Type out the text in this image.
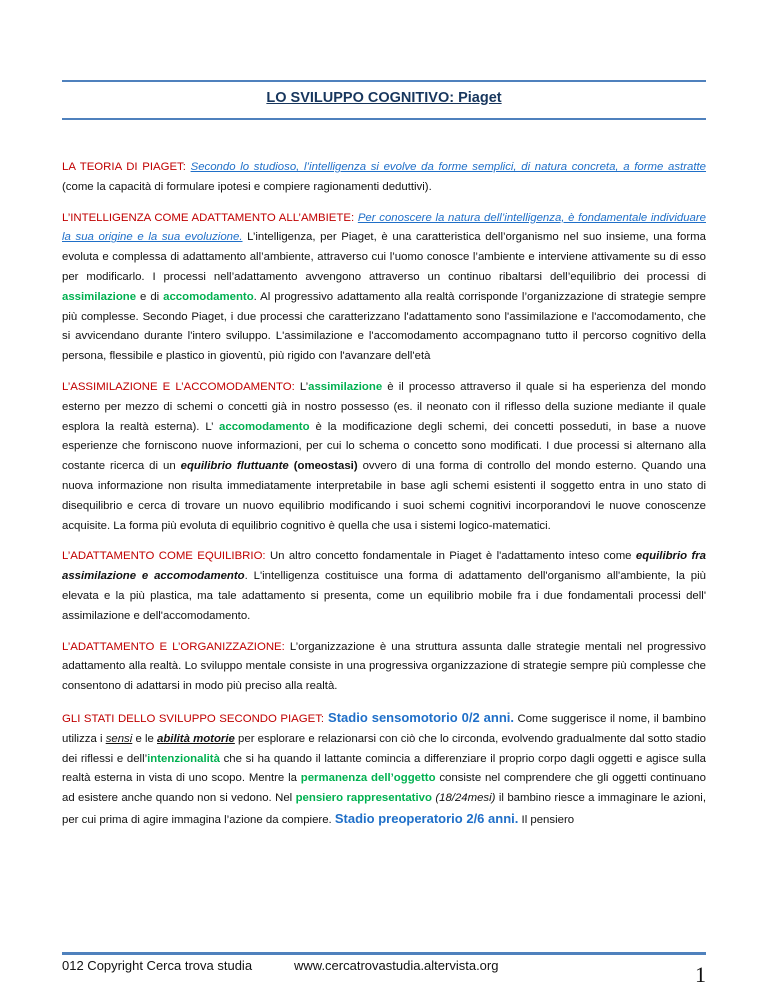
LO SVILUPPO COGNITIVO: Piaget

LA TEORIA DI PIAGET: Secondo lo studioso, l’intelligenza si evolve da forme semplici, di natura concreta, a forme astratte (come la capacità di formulare ipotesi e compiere ragionamenti deduttivi).

L’INTELLIGENZA COME ADATTAMENTO ALL’AMBIETE: Per conoscere la natura dell’intelligenza, è fondamentale individuare la sua origine e la sua evoluzione. L’intelligenza, per Piaget, è una caratteristica dell’organismo nel suo insieme, una forma evoluta e complessa di adattamento all’ambiente, attraverso cui l’uomo conosce l’ambiente e interviene attivamente su di esso per modificarlo. I processi nell’adattamento avvengono attraverso un continuo ribaltarsi dell’equilibrio dei processi di assimilazione e di accomodamento. Al progressivo adattamento alla realtà corrisponde l’organizzazione di strategie sempre più complesse. Secondo Piaget, i due processi che caratterizzano l'adattamento sono l'assimilazione e l'accomodamento, che si avvicendano durante l'intero sviluppo. L'assimilazione e l'accomodamento accompagnano tutto il percorso cognitivo della persona, flessibile e plastico in gioventù, più rigido con l'avanzare dell'età

L’ASSIMILAZIONE E L’ACCOMODAMENTO: L’assimilazione è il processo attraverso il quale si ha esperienza del mondo esterno per mezzo di schemi o concetti già in nostro possesso (es. il neonato con il riflesso della suzione mediante il quale esplora la realtà esterna). L’ accomodamento è la modificazione degli schemi, dei concetti posseduti, in base a nuove esperienze che forniscono nuove informazioni, per cui lo schema o concetto sono modificati. I due processi si alternano alla costante ricerca di un equilibrio fluttuante (omeostasi) ovvero di una forma di controllo del mondo esterno. Quando una nuova informazione non risulta immediatamente interpretabile in base agli schemi esistenti il soggetto entra in uno stato di disequilibrio e cerca di trovare un nuovo equilibrio modificando i suoi schemi cognitivi incorporandovi le nuove conoscenze acquisite. La forma più evoluta di equilibrio cognitivo è quella che usa i sistemi logico-matematici.

L’ADATTAMENTO COME EQUILIBRIO: Un altro concetto fondamentale in Piaget è l'adattamento inteso come equilibrio fra assimilazione e accomodamento. L'intelligenza costituisce una forma di adattamento dell'organismo all'ambiente, la più elevata e la più plastica, ma tale adattamento si presenta, come un equilibrio mobile fra i due fondamentali processi dell' assimilazione e dell'accomodamento.

L’ADATTAMENTO E L’ORGANIZZAZIONE: L’organizzazione è una struttura assunta dalle strategie mentali nel progressivo adattamento alla realtà. Lo sviluppo mentale consiste in una progressiva organizzazione di strategie sempre più complesse che consentono di adattarsi in modo più preciso alla realtà.

GLI STATI DELLO SVILUPPO SECONDO PIAGET: Stadio sensomotorio 0/2 anni. Come suggerisce il nome, il bambino utilizza i sensi e le abilità motorie per esplorare e relazionarsi con ciò che lo circonda, evolvendo gradualmente dal sotto stadio dei riflessi e dell’intenzionalità che si ha quando il lattante comincia a differenziare il proprio corpo dagli oggetti e agisce sulla realtà esterna in vista di uno scopo. Mentre la permanenza dell’oggetto consiste nel comprendere che gli oggetti continuano ad esistere anche quando non si vedono. Nel pensiero rappresentativo (18/24mesi) il bambino riesce a immaginare le azioni, per cui prima di agire immagina l’azione da compiere. Stadio preoperatorio 2/6 anni. Il pensiero

012 Copyright Cerca trova studia	www.cercatrovastudia.altervista.org	1
